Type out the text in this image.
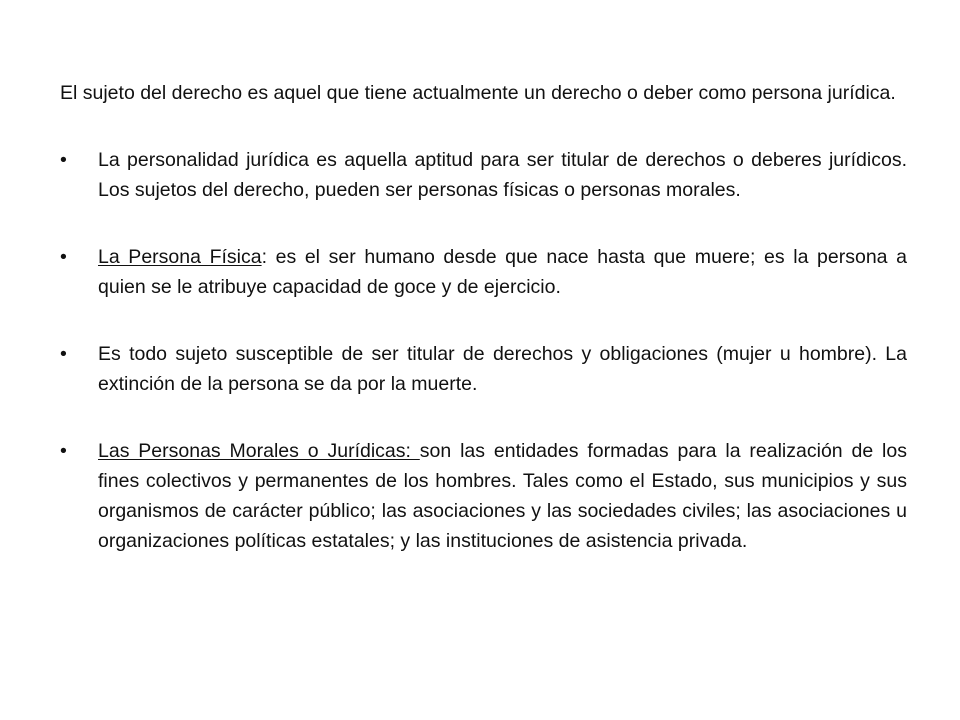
El sujeto del derecho es aquel que tiene actualmente un derecho o deber como persona jurídica.

•	La personalidad jurídica es aquella aptitud para ser titular de derechos o deberes jurídicos. Los sujetos del derecho, pueden ser personas físicas o personas morales.
•	La Persona Física: es el ser humano desde que nace hasta que muere; es la persona a quien se le atribuye capacidad de goce y de ejercicio.
•	Es todo sujeto susceptible de ser titular de derechos y obligaciones (mujer u hombre). La extinción de la persona se da por la muerte.
•	Las Personas Morales o Jurídicas: son las entidades formadas para la realización de los fines colectivos y permanentes de los hombres. Tales como el Estado, sus municipios y sus organismos de carácter público; las asociaciones y las sociedades civiles; las asociaciones u organizaciones políticas estatales; y las instituciones de asistencia privada.
